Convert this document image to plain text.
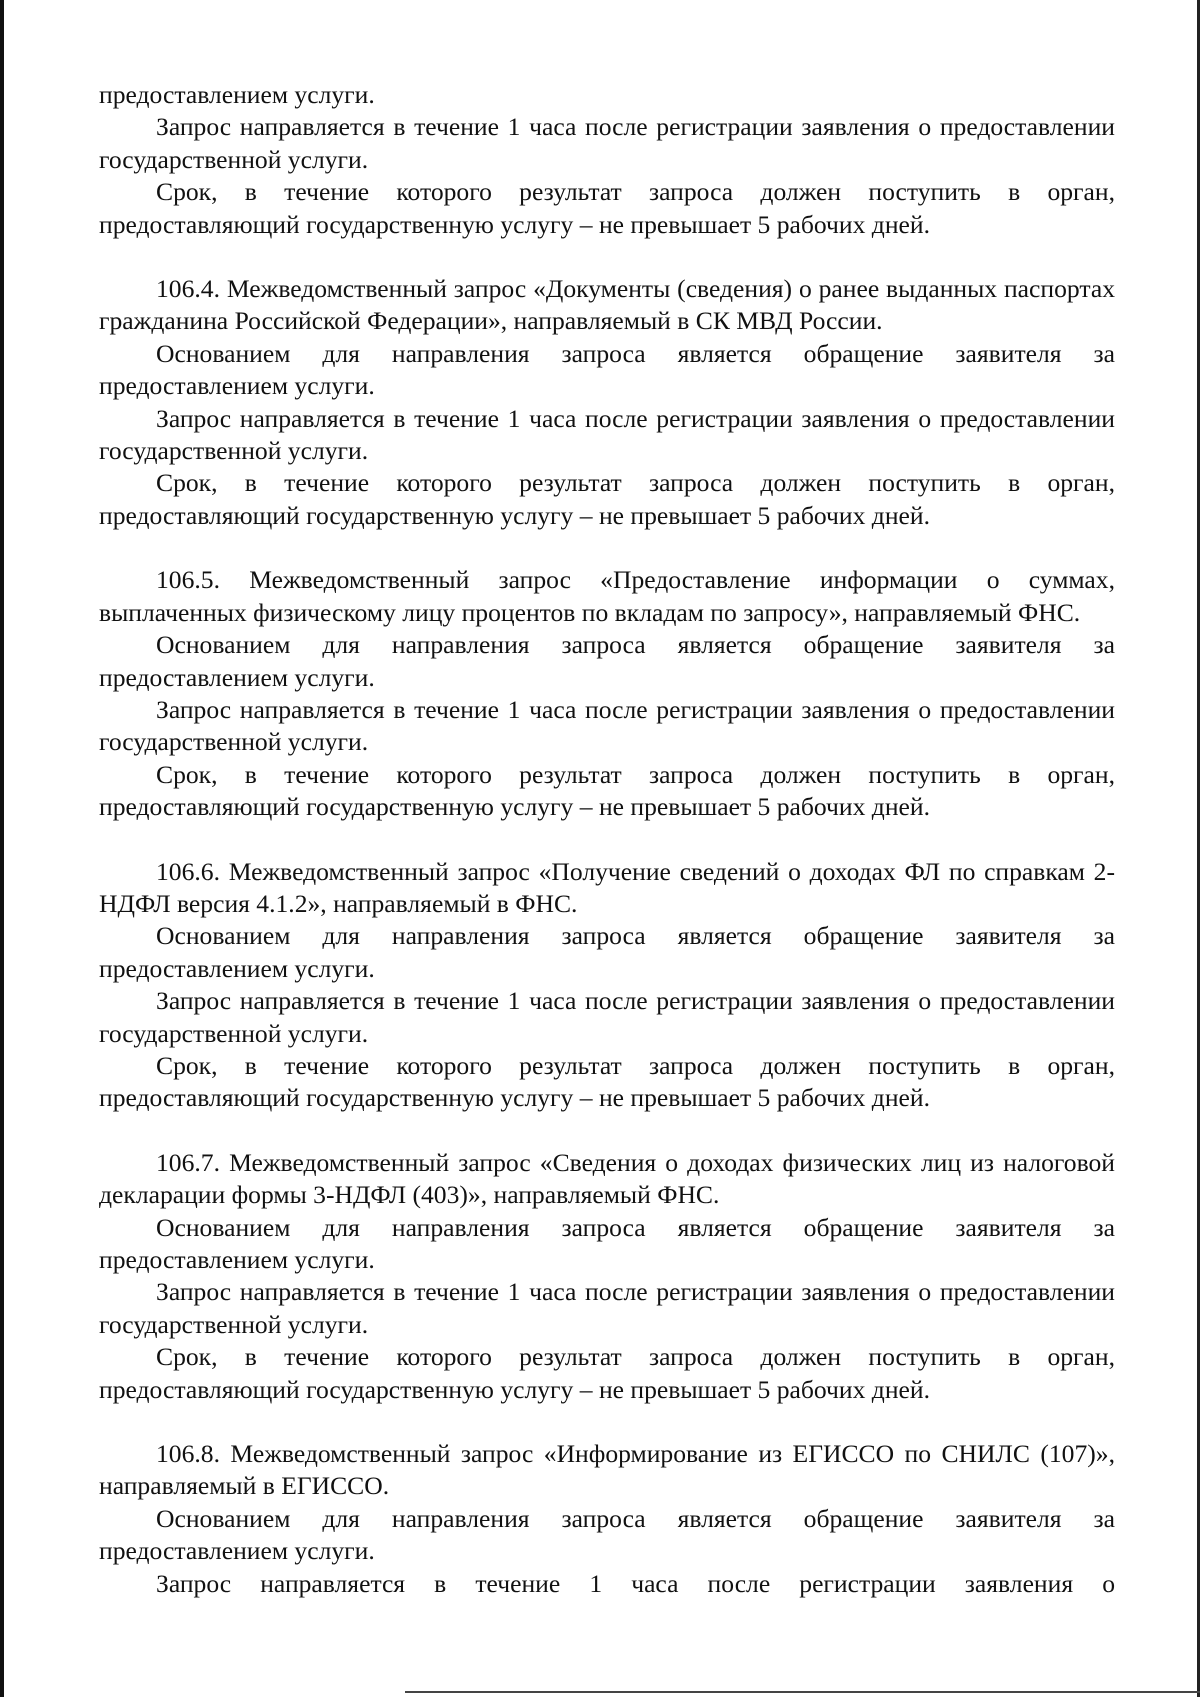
предоставлением услуги.

Запрос направляется в течение 1 часа после регистрации заявления о предоставлении государственной услуги.

Срок, в течение которого результат запроса должен поступить в орган, предоставляющий государственную услугу – не превышает 5 рабочих дней.

106.4. Межведомственный запрос «Документы (сведения) о ранее выданных паспортах гражданина Российской Федерации», направляемый в СК МВД России.

Основанием для направления запроса является обращение заявителя за предоставлением услуги.

Запрос направляется в течение 1 часа после регистрации заявления о предоставлении государственной услуги.

Срок, в течение которого результат запроса должен поступить в орган, предоставляющий государственную услугу – не превышает 5 рабочих дней.

106.5. Межведомственный запрос «Предоставление информации о суммах, выплаченных физическому лицу процентов по вкладам по запросу», направляемый ФНС.

Основанием для направления запроса является обращение заявителя за предоставлением услуги.

Запрос направляется в течение 1 часа после регистрации заявления о предоставлении государственной услуги.

Срок, в течение которого результат запроса должен поступить в орган, предоставляющий государственную услугу – не превышает 5 рабочих дней.

106.6. Межведомственный запрос «Получение сведений о доходах ФЛ по справкам 2-НДФЛ версия 4.1.2», направляемый в ФНС.

Основанием для направления запроса является обращение заявителя за предоставлением услуги.

Запрос направляется в течение 1 часа после регистрации заявления о предоставлении государственной услуги.

Срок, в течение которого результат запроса должен поступить в орган, предоставляющий государственную услугу – не превышает 5 рабочих дней.

106.7. Межведомственный запрос «Сведения о доходах физических лиц из налоговой декларации формы 3-НДФЛ (403)», направляемый ФНС.

Основанием для направления запроса является обращение заявителя за предоставлением услуги.

Запрос направляется в течение 1 часа после регистрации заявления о предоставлении государственной услуги.

Срок, в течение которого результат запроса должен поступить в орган, предоставляющий государственную услугу – не превышает 5 рабочих дней.

106.8. Межведомственный запрос «Информирование из ЕГИССО по СНИЛС (107)», направляемый в ЕГИССО.

Основанием для направления запроса является обращение заявителя за предоставлением услуги.

Запрос направляется в течение 1 часа после регистрации заявления о
